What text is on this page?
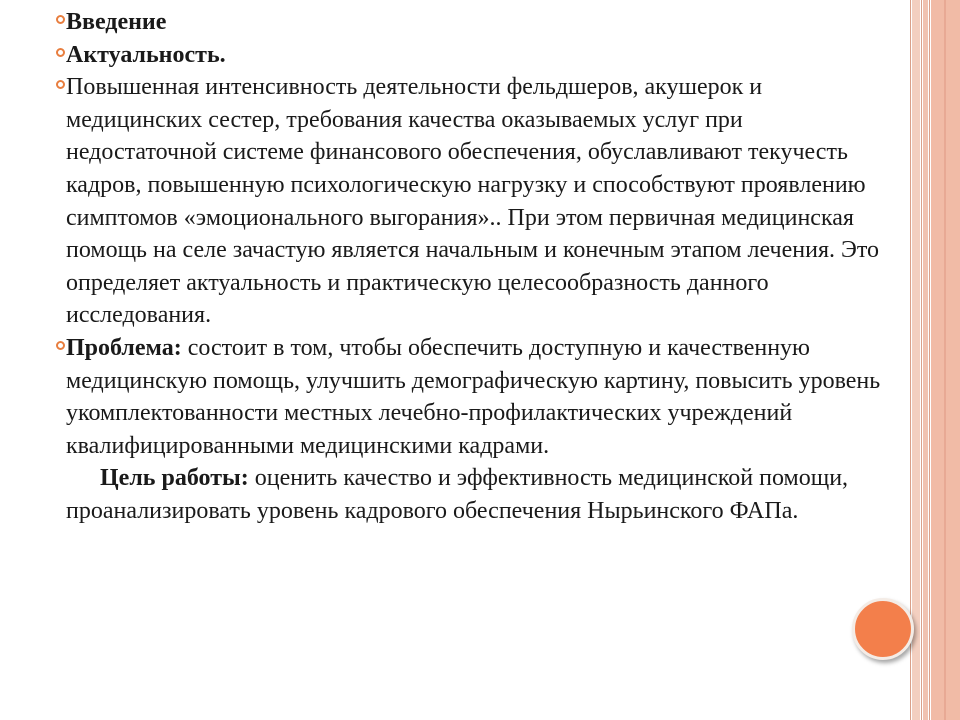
Введение
Актуальность.
Повышенная интенсивность деятельности фельдшеров, акушерок и медицинских сестер, требования качества оказываемых услуг при недостаточной системе финансового обеспечения, обуславливают текучесть кадров, повышенную психологическую нагрузку и способствуют проявлению симптомов «эмоционального выгорания».. При этом первичная медицинская помощь на селе зачастую является начальным и конечным этапом лечения. Это определяет актуальность и практическую целесообразность данного исследования.
Проблема: состоит в том, чтобы обеспечить доступную и качественную медицинскую помощь, улучшить демографическую картину, повысить уровень укомплектованности местных лечебно-профилактических учреждений квалифицированными медицинскими кадрами.
Цель работы: оценить качество и эффективность медицинской помощи, проанализировать уровень кадрового обеспечения Нырьинского ФАПа.
